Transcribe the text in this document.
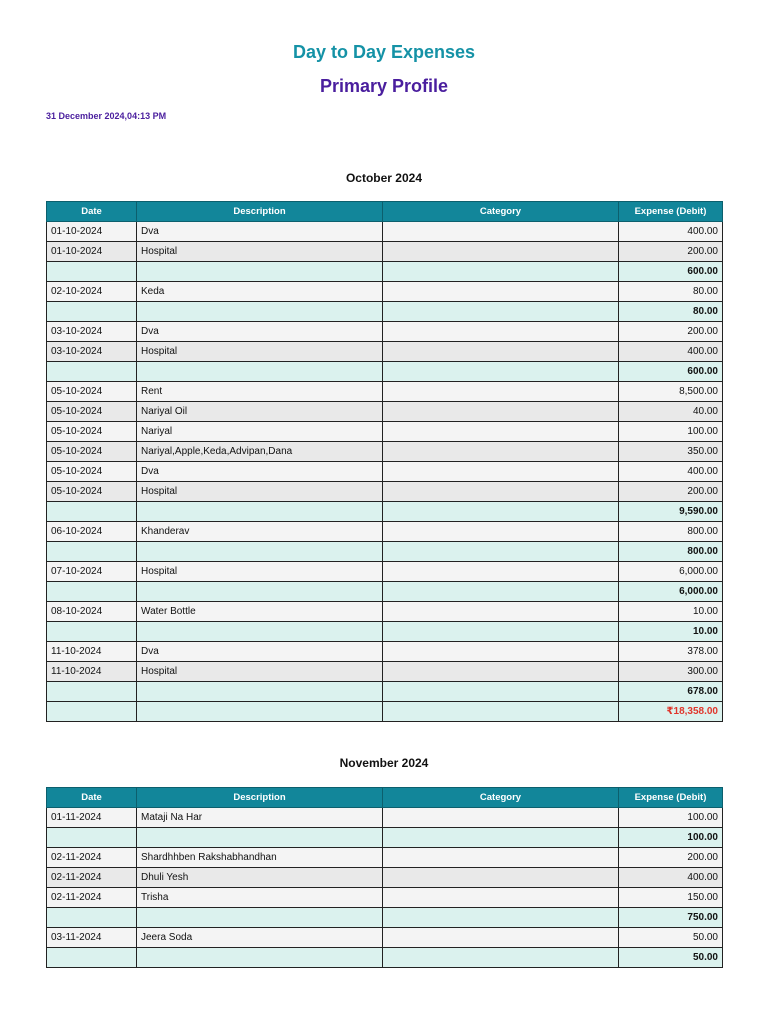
Day to Day Expenses
Primary Profile
31 December 2024,04:13 PM
October 2024
Date	Description	Category	Expense (Debit)
01-10-2024	Dva		400.00
01-10-2024	Hospital		200.00
			600.00
02-10-2024	Keda		80.00
			80.00
03-10-2024	Dva		200.00
03-10-2024	Hospital		400.00
			600.00
05-10-2024	Rent		8,500.00
05-10-2024	Nariyal Oil		40.00
05-10-2024	Nariyal		100.00
05-10-2024	Nariyal,Apple,Keda,Advipan,Dana		350.00
05-10-2024	Dva		400.00
05-10-2024	Hospital		200.00
			9,590.00
06-10-2024	Khanderav		800.00
			800.00
07-10-2024	Hospital		6,000.00
			6,000.00
08-10-2024	Water Bottle		10.00
			10.00
11-10-2024	Dva		378.00
11-10-2024	Hospital		300.00
			678.00
			₹18,358.00
November 2024
Date	Description	Category	Expense (Debit)
01-11-2024	Mataji Na Har		100.00
			100.00
02-11-2024	Shardhhben Rakshabhandhan		200.00
02-11-2024	Dhuli Yesh		400.00
02-11-2024	Trisha		150.00
			750.00
03-11-2024	Jeera Soda		50.00
			50.00
